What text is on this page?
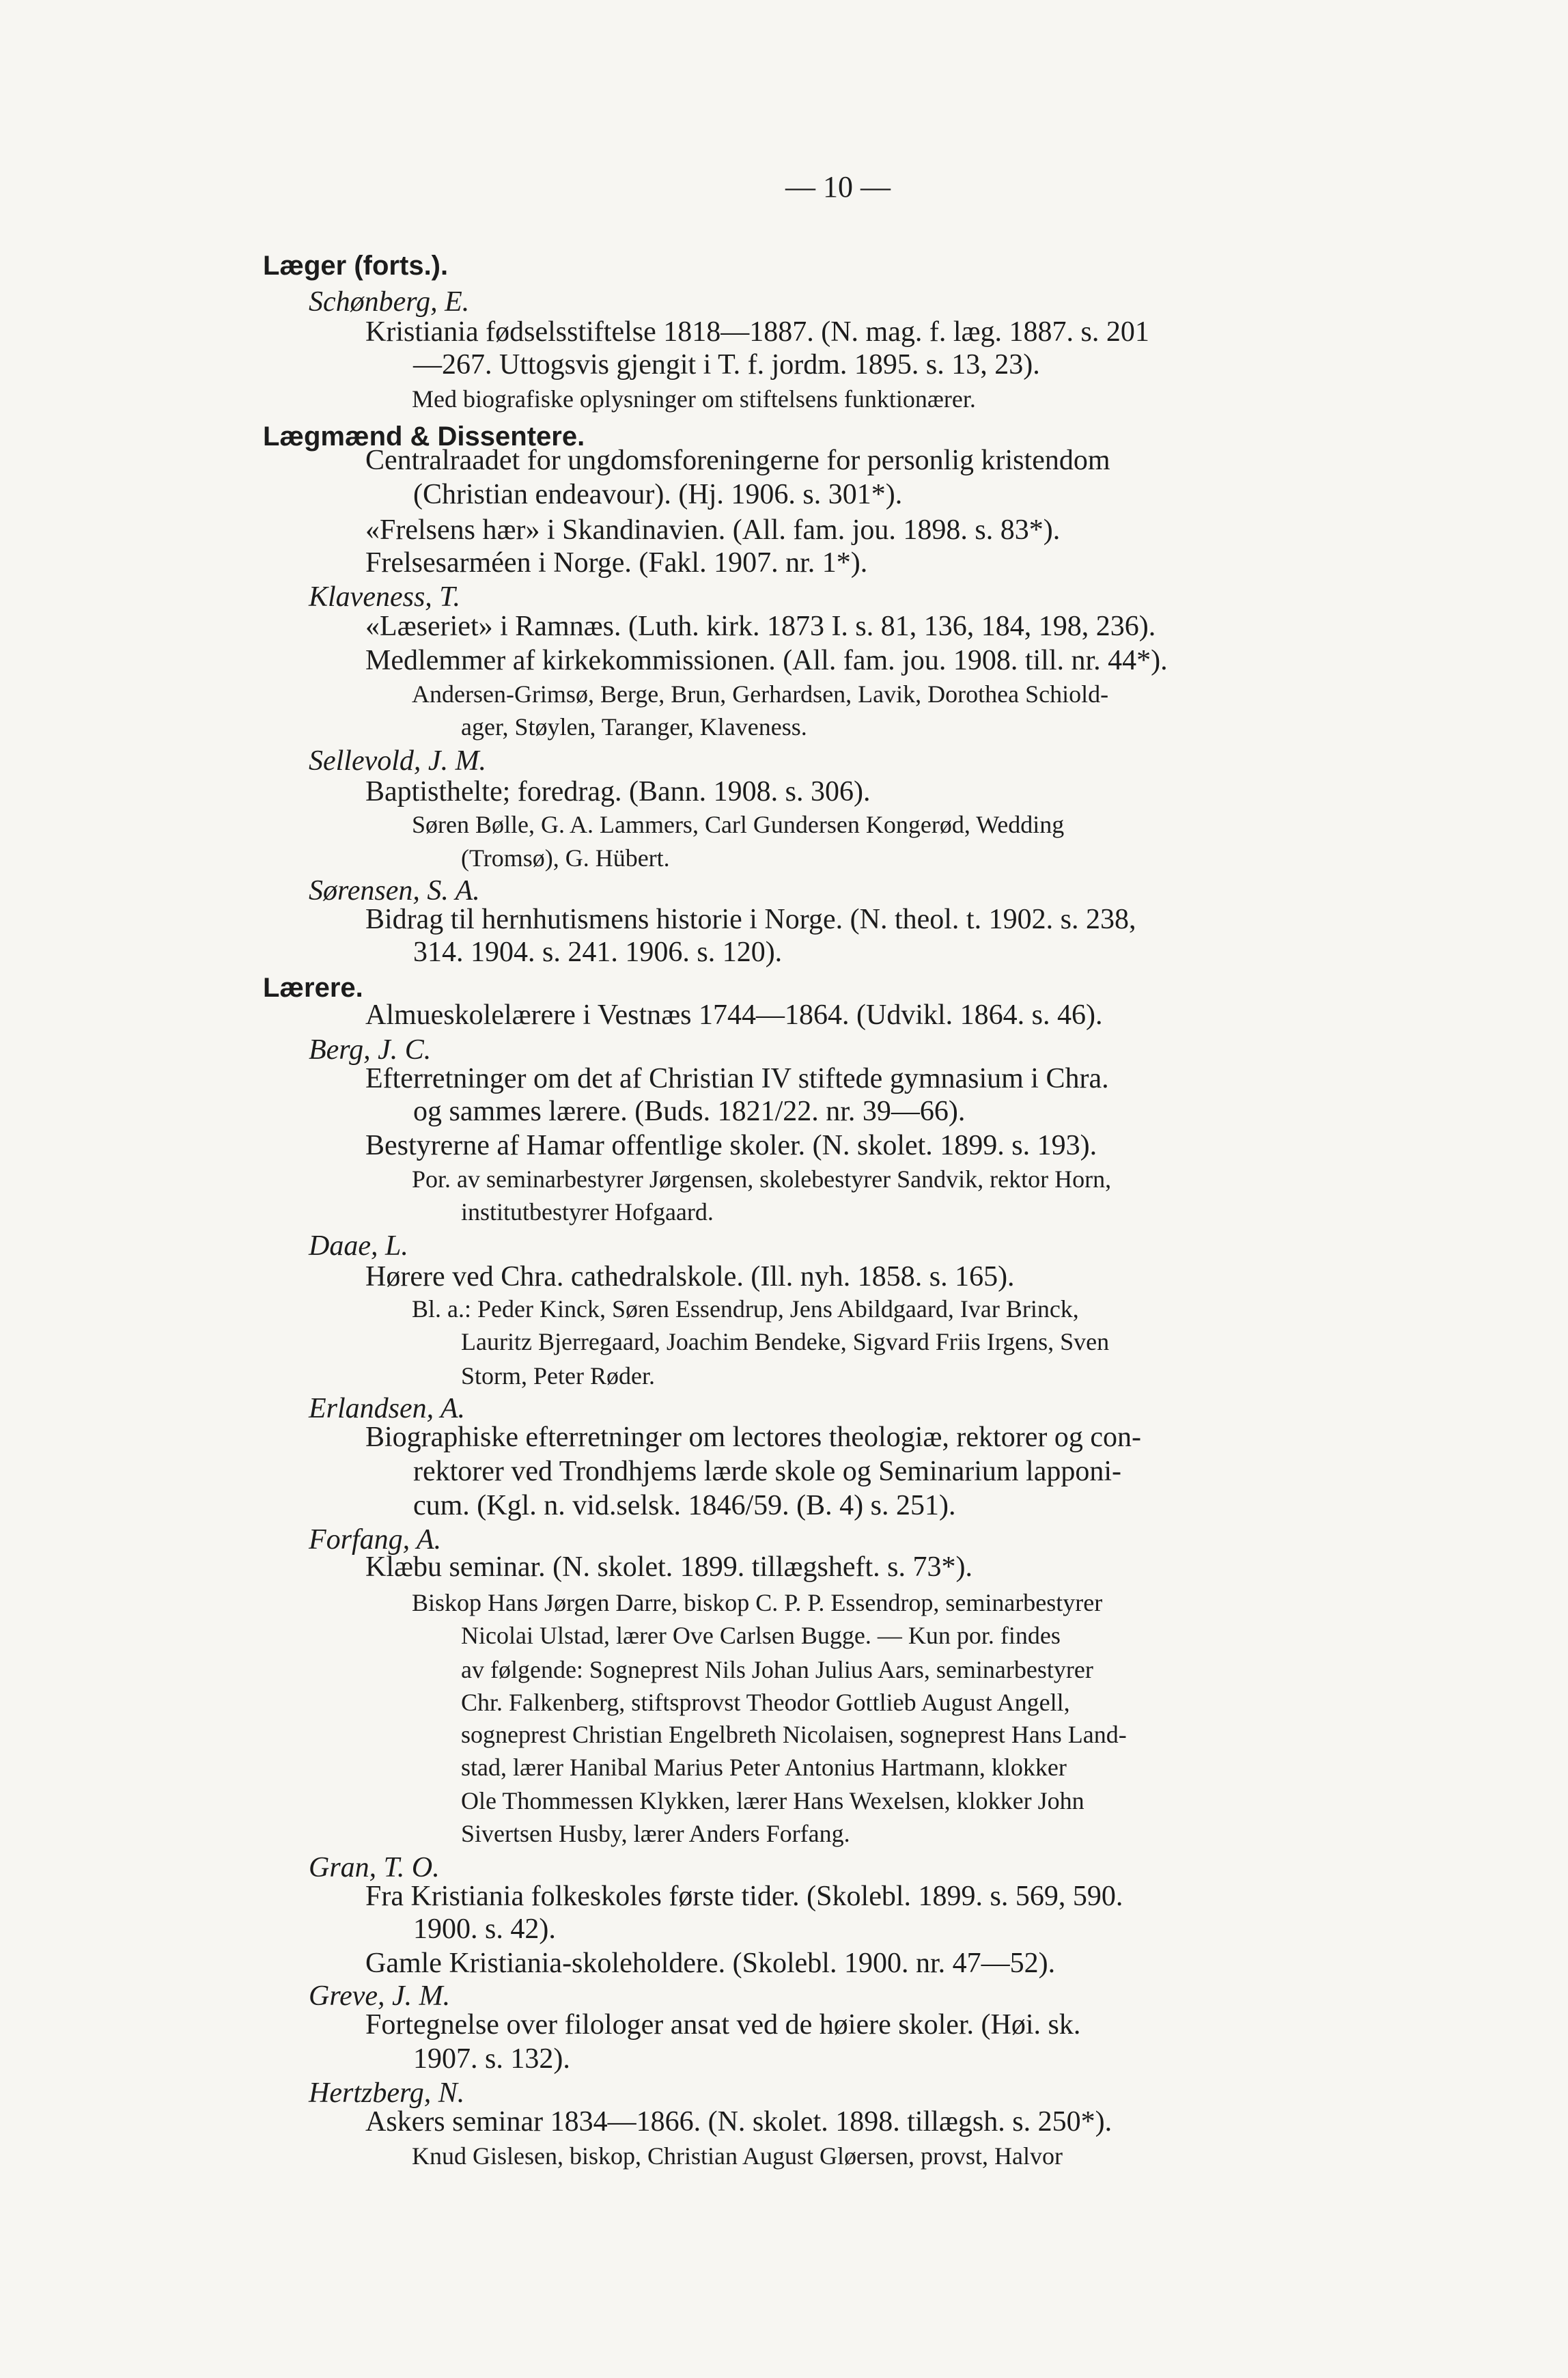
— 10 —
Læger (forts.).
Schønberg, E.
Kristiania fødselsstiftelse 1818—1887. (N. mag. f. læg. 1887. s. 201
—267. Uttogsvis gjengit i T. f. jordm. 1895. s. 13, 23).
Med biografiske oplysninger om stiftelsens funktionærer.
Lægmænd & Dissentere.
Centralraadet for ungdomsforeningerne for personlig kristendom
(Christian endeavour). (Hj. 1906. s. 301*).
«Frelsens hær» i Skandinavien. (All. fam. jou. 1898. s. 83*).
Frelsesarméen i Norge. (Fakl. 1907. nr. 1*).
Klaveness, T.
«Læseriet» i Ramnæs. (Luth. kirk. 1873 I. s. 81, 136, 184, 198, 236).
Medlemmer af kirkekommissionen. (All. fam. jou. 1908. till. nr. 44*).
Andersen-Grimsø, Berge, Brun, Gerhardsen, Lavik, Dorothea Schiold-
ager, Støylen, Taranger, Klaveness.
Sellevold, J. M.
Baptisthelte; foredrag. (Bann. 1908. s. 306).
Søren Bølle, G. A. Lammers, Carl Gundersen Kongerød, Wedding
(Tromsø), G. Hübert.
Sørensen, S. A.
Bidrag til hernhutismens historie i Norge. (N. theol. t. 1902. s. 238,
314. 1904. s. 241. 1906. s. 120).
Lærere.
Almueskolelærere i Vestnæs 1744—1864. (Udvikl. 1864. s. 46).
Berg, J. C.
Efterretninger om det af Christian IV stiftede gymnasium i Chra.
og sammes lærere. (Buds. 1821/22. nr. 39—66).
Bestyrerne af Hamar offentlige skoler. (N. skolet. 1899. s. 193).
Por. av seminarbestyrer Jørgensen, skolebestyrer Sandvik, rektor Horn,
institutbestyrer Hofgaard.
Daae, L.
Hørere ved Chra. cathedralskole. (Ill. nyh. 1858. s. 165).
Bl. a.: Peder Kinck, Søren Essendrup, Jens Abildgaard, Ivar Brinck,
Lauritz Bjerregaard, Joachim Bendeke, Sigvard Friis Irgens, Sven
Storm, Peter Røder.
Erlandsen, A.
Biographiske efterretninger om lectores theologiæ, rektorer og con-
rektorer ved Trondhjems lærde skole og Seminarium lapponi-
cum. (Kgl. n. vid.selsk. 1846/59. (B. 4) s. 251).
Forfang, A.
Klæbu seminar. (N. skolet. 1899. tillægsheft. s. 73*).
Biskop Hans Jørgen Darre, biskop C. P. P. Essendrop, seminarbestyrer
Nicolai Ulstad, lærer Ove Carlsen Bugge. — Kun por. findes
av følgende: Sogneprest Nils Johan Julius Aars, seminarbestyrer
Chr. Falkenberg, stiftsprovst Theodor Gottlieb August Angell,
sogneprest Christian Engelbreth Nicolaisen, sogneprest Hans Land-
stad, lærer Hanibal Marius Peter Antonius Hartmann, klokker
Ole Thommessen Klykken, lærer Hans Wexelsen, klokker John
Sivertsen Husby, lærer Anders Forfang.
Gran, T. O.
Fra Kristiania folkeskoles første tider. (Skolebl. 1899. s. 569, 590.
1900. s. 42).
Gamle Kristiania-skoleholdere. (Skolebl. 1900. nr. 47—52).
Greve, J. M.
Fortegnelse over filologer ansat ved de høiere skoler. (Høi. sk.
1907. s. 132).
Hertzberg, N.
Askers seminar 1834—1866. (N. skolet. 1898. tillægsh. s. 250*).
Knud Gislesen, biskop, Christian August Gløersen, provst, Halvor
